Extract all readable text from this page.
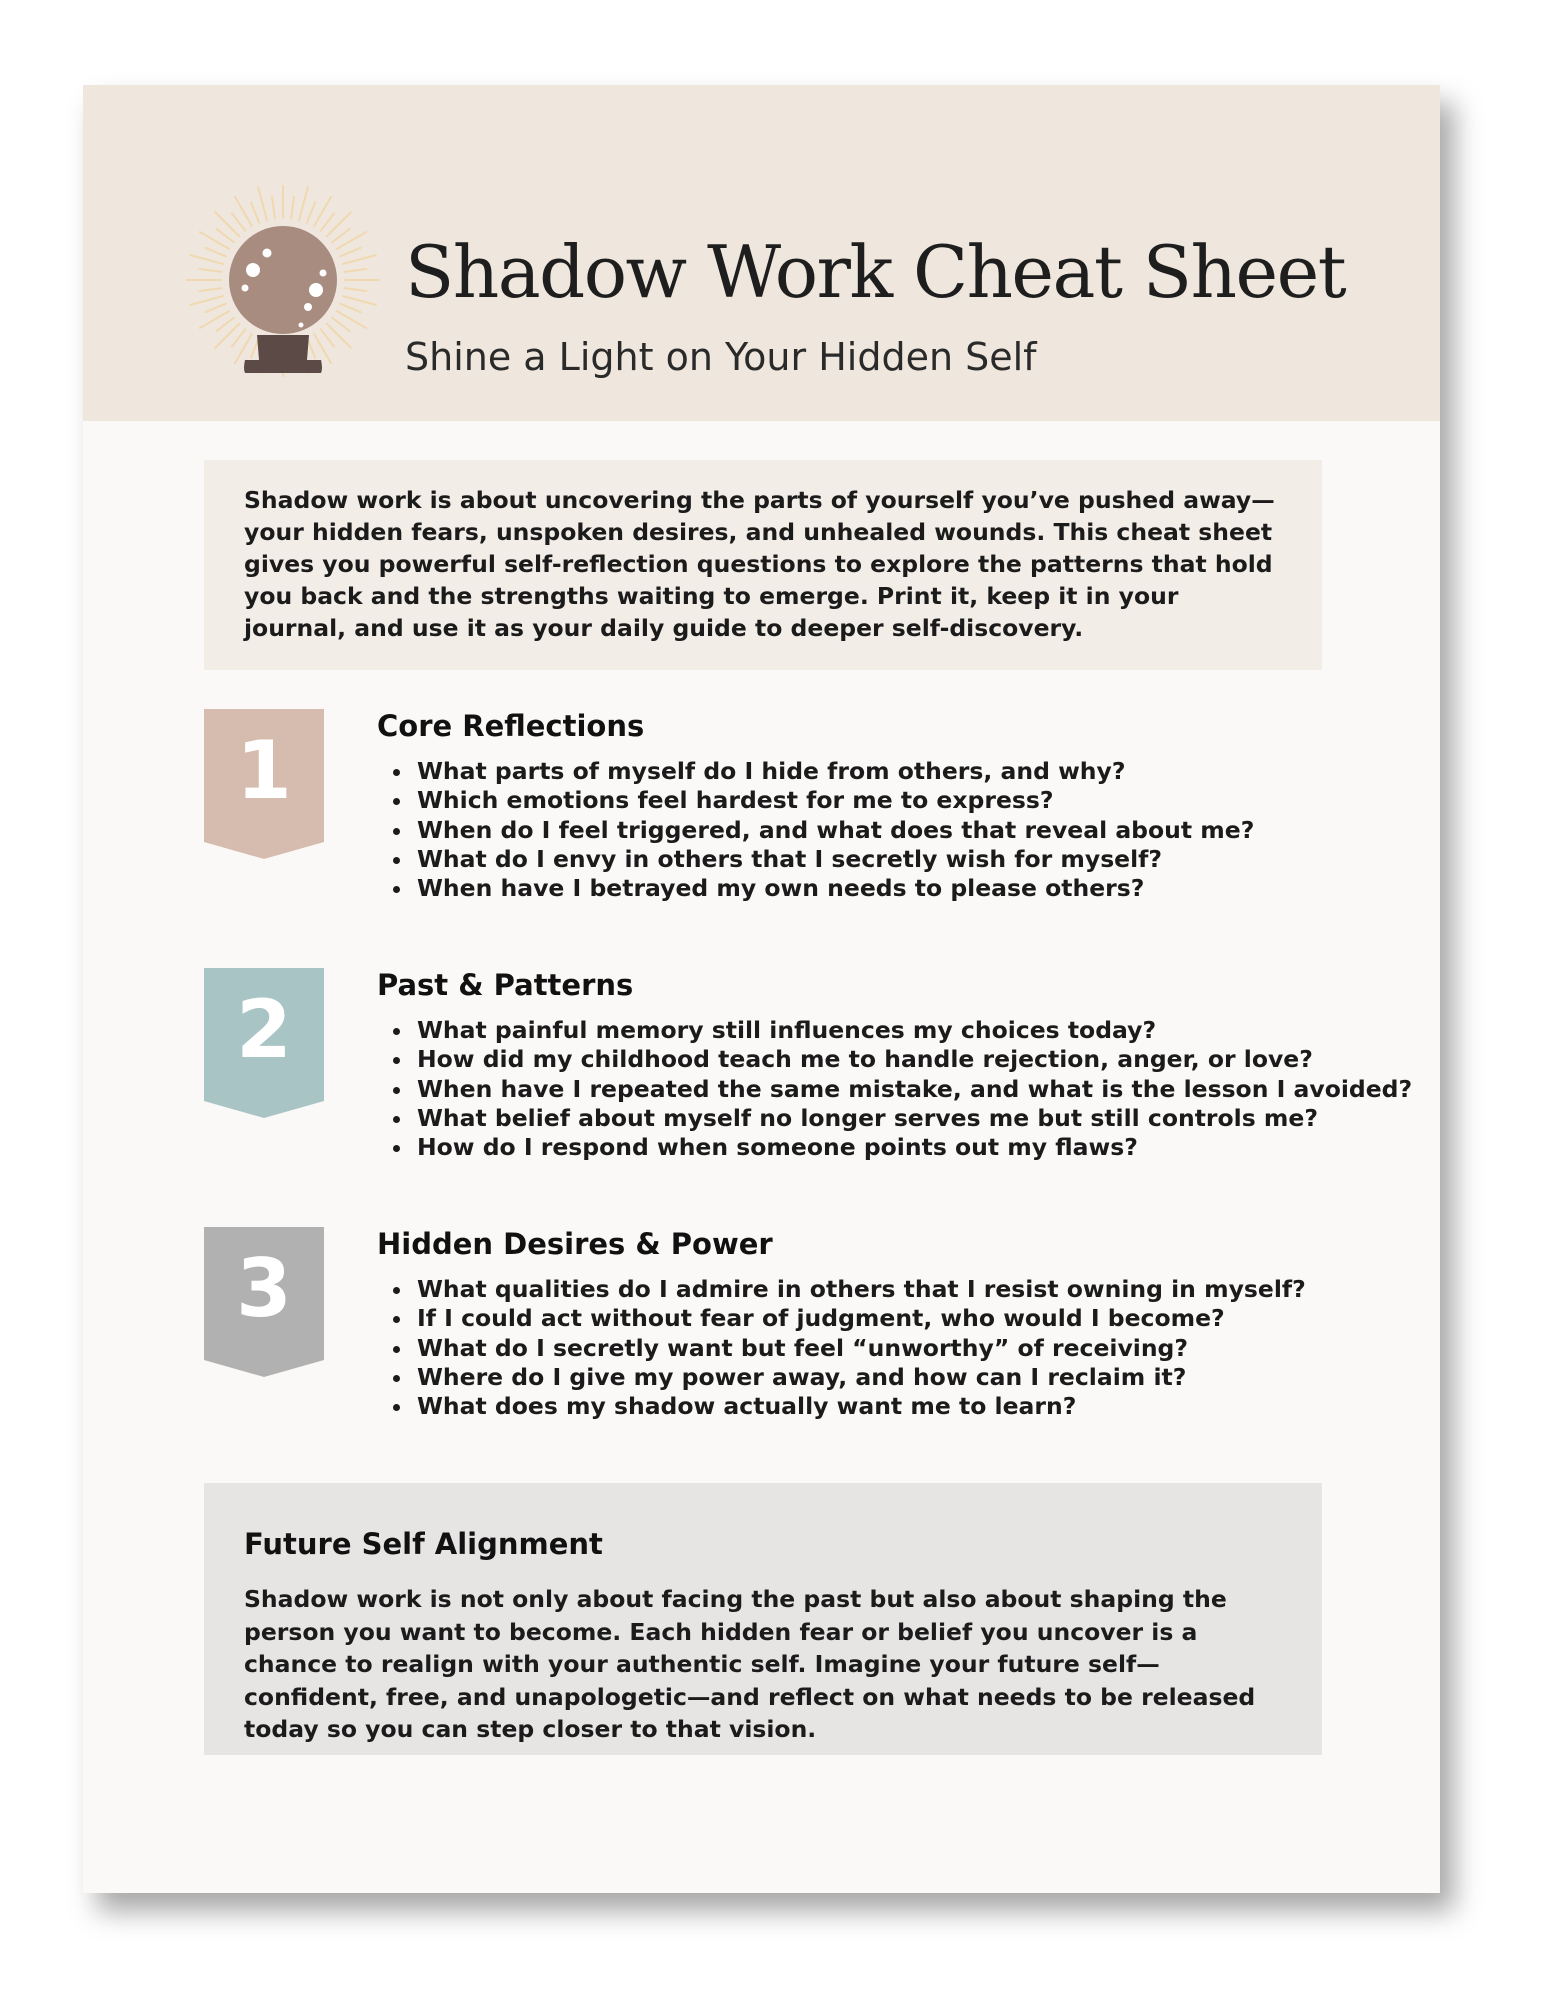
Shadow Work Cheat Sheet
Shine a Light on Your Hidden Self

Shadow work is about uncovering the parts of yourself you’ve pushed away—your hidden fears, unspoken desires, and unhealed wounds. This cheat sheet gives you powerful self-reflection questions to explore the patterns that hold you back and the strengths waiting to emerge. Print it, keep it in your journal, and use it as your daily guide to deeper self-discovery.

1	Core Reflections
What parts of myself do I hide from others, and why?
Which emotions feel hardest for me to express?
When do I feel triggered, and what does that reveal about me?
What do I envy in others that I secretly wish for myself?
When have I betrayed my own needs to please others?
2	Past & Patterns
What painful memory still influences my choices today?
How did my childhood teach me to handle rejection, anger, or love?
When have I repeated the same mistake, and what is the lesson I avoided?
What belief about myself no longer serves me but still controls me?
How do I respond when someone points out my flaws?
3	Hidden Desires & Power
What qualities do I admire in others that I resist owning in myself?
If I could act without fear of judgment, who would I become?
What do I secretly want but feel “unworthy” of receiving?
Where do I give my power away, and how can I reclaim it?
What does my shadow actually want me to learn?
Future Self Alignment

Shadow work is not only about facing the past but also about shaping the person you want to become. Each hidden fear or belief you uncover is a chance to realign with your authentic self. Imagine your future self—confident, free, and unapologetic—and reflect on what needs to be released today so you can step closer to that vision.
